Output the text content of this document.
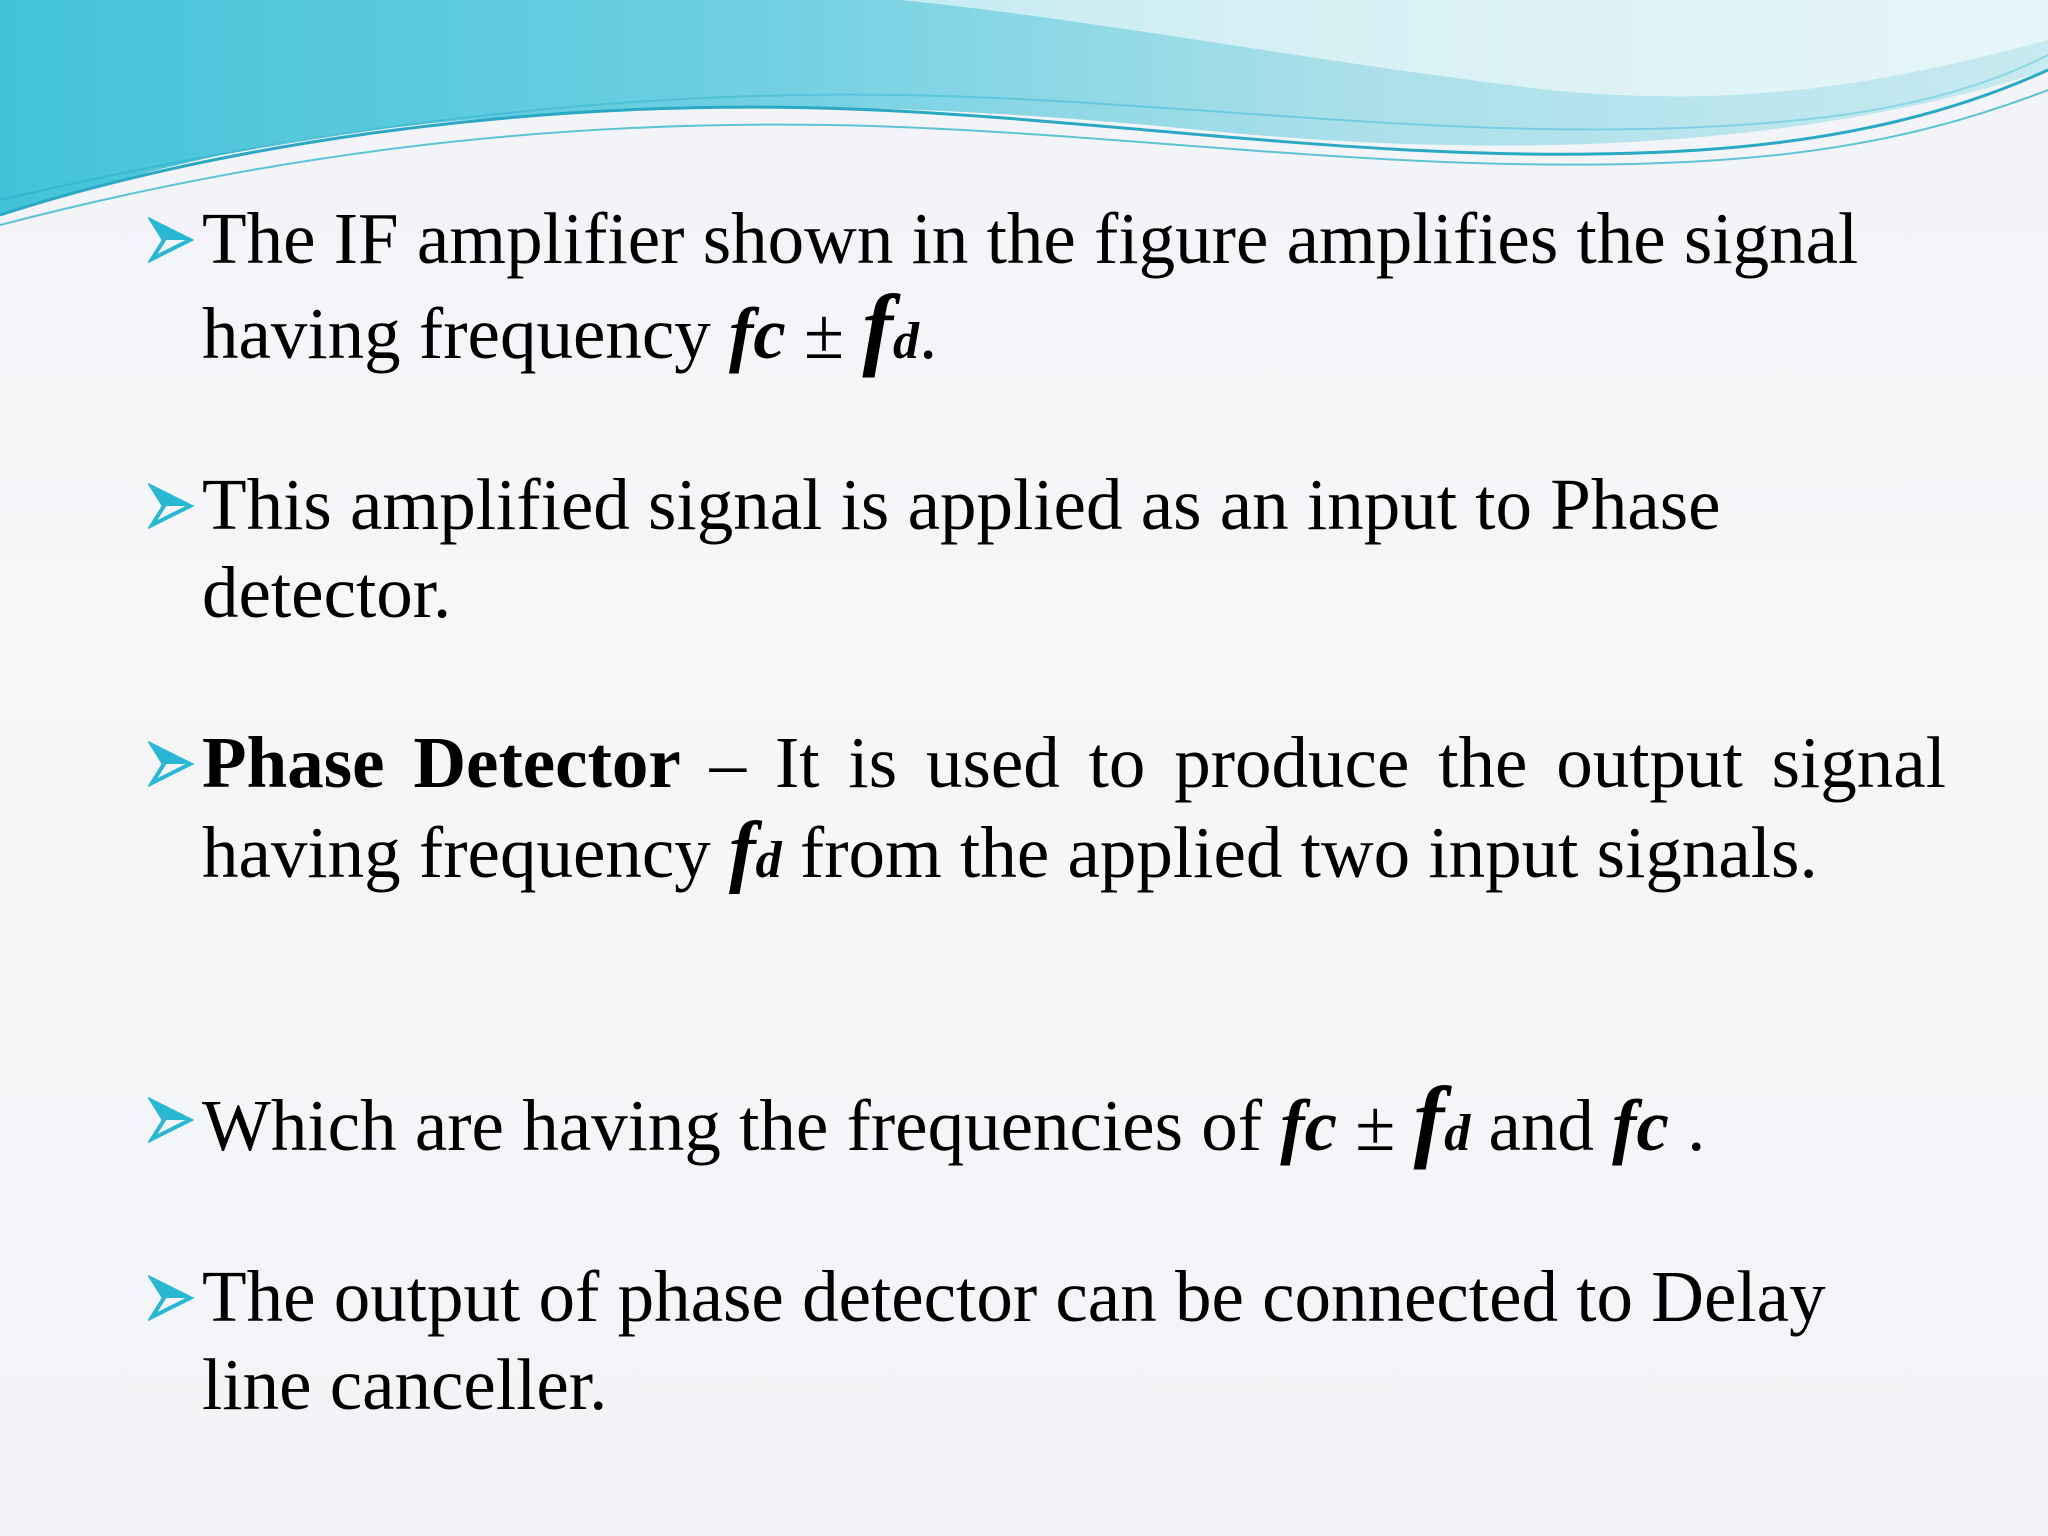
The IF amplifier shown in the figure amplifies the signal having frequency fc ± fd.
This amplified signal is applied as an input to Phase detector.
Phase Detector – It is used to produce the output signal having frequency fd from the applied two input signals.
Which are having the frequencies of fc ± fd and fc .
The output of phase detector can be connected to Delay line canceller.
